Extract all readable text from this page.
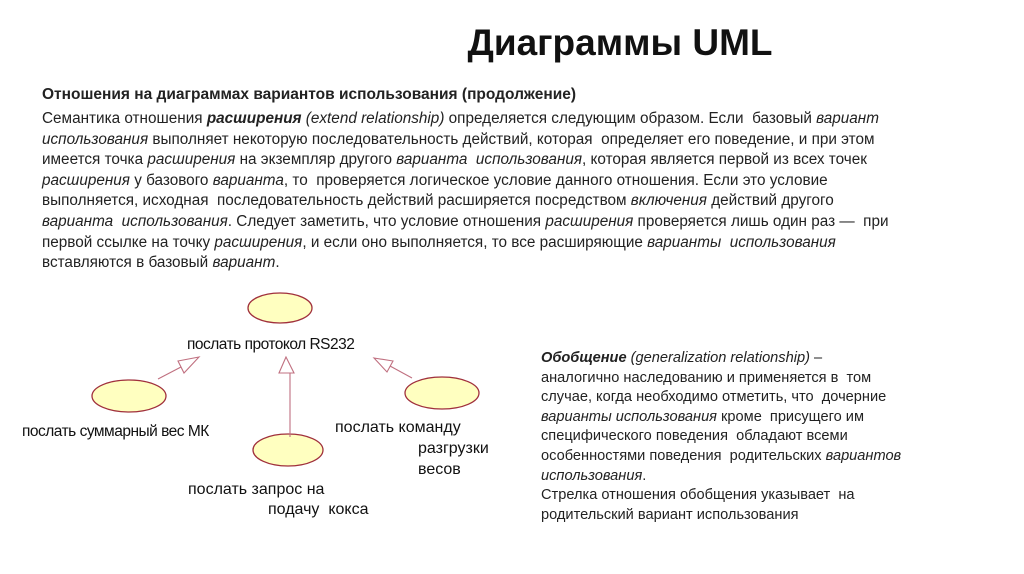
Диаграммы UML
Отношения на диаграммах вариантов использования (продолжение)
Семантика отношения расширения (extend relationship) определяется следующим образом. Если  базовый вариант
использования выполняет некоторую последовательность действий, которая  определяет его поведение, и при этом
имеется точка расширения на экземпляр другого варианта  использования, которая является первой из всех точек
расширения у базового варианта, то  проверяется логическое условие данного отношения. Если это условие
выполняется, исходная  последовательность действий расширяется посредством включения действий другого
варианта  использования. Следует заметить, что условие отношения расширения проверяется лишь один раз —  при
первой ссылке на точку расширения, и если оно выполняется, то все расширяющие варианты  использования
вставляются в базовый вариант.
Обобщение (generalization relationship) –
аналогично наследованию и применяется в  том
случае, когда необходимо отметить, что  дочерние
варианты использования кроме  присущего им
специфического поведения  обладают всеми
особенностями поведения  родительских вариантов
использования.
Стрелка отношения обобщения указывает  на
родительский вариант использования
послать протокол RS232
послать суммарный вес МК	послать команду
разгрузки
весов
послать запрос на
подачу  кокса
